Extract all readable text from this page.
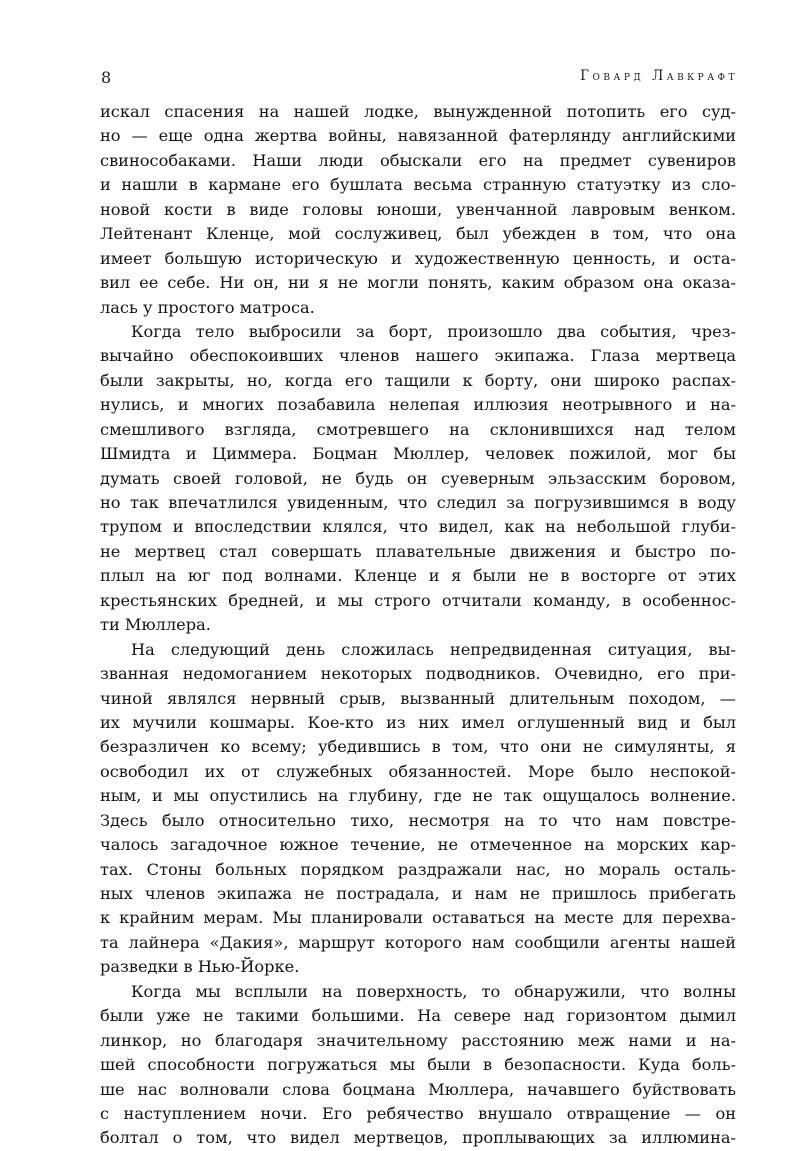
8	Говард Лавкрафт
искал спасения на нашей лодке, вынужденной потопить его суд-
но — еще одна жертва войны, навязанной фатерлянду английскими
свинособаками. Наши люди обыскали его на предмет сувениров
и нашли в кармане его бушлата весьма странную статуэтку из сло-
новой кости в виде головы юноши, увенчанной лавровым венком.
Лейтенант Кленце, мой сослуживец, был убежден в том, что она
имеет большую историческую и художественную ценность, и оста-
вил ее себе. Ни он, ни я не могли понять, каким образом она оказа-
лась у простого матроса.
Когда тело выбросили за борт, произошло два события, чрез-
вычайно обеспокоивших членов нашего экипажа. Глаза мертвеца
были закрыты, но, когда его тащили к борту, они широко распах-
нулись, и многих позабавила нелепая иллюзия неотрывного и на-
смешливого взгляда, смотревшего на склонившихся над телом
Шмидта и Циммера. Боцман Мюллер, человек пожилой, мог бы
думать своей головой, не будь он суеверным эльзасским боровом,
но так впечатлился увиденным, что следил за погрузившимся в воду
трупом и впоследствии клялся, что видел, как на небольшой глуби-
не мертвец стал совершать плавательные движения и быстро по-
плыл на юг под волнами. Кленце и я были не в восторге от этих
крестьянских бредней, и мы строго отчитали команду, в особеннос-
ти Мюллера.
На следующий день сложилась непредвиденная ситуация, вы-
званная недомоганием некоторых подводников. Очевидно, его при-
чиной являлся нервный срыв, вызванный длительным походом, —
их мучили кошмары. Кое-кто из них имел оглушенный вид и был
безразличен ко всему; убедившись в том, что они не симулянты, я
освободил их от служебных обязанностей. Море было неспокой-
ным, и мы опустились на глубину, где не так ощущалось волнение.
Здесь было относительно тихо, несмотря на то что нам повстре-
чалось загадочное южное течение, не отмеченное на морских кар-
тах. Стоны больных порядком раздражали нас, но мораль осталь-
ных членов экипажа не пострадала, и нам не пришлось прибегать
к крайним мерам. Мы планировали оставаться на месте для перехва-
та лайнера «Дакия», маршрут которого нам сообщили агенты нашей
разведки в Нью-Йорке.
Когда мы всплыли на поверхность, то обнаружили, что волны
были уже не такими большими. На севере над горизонтом дымил
линкор, но благодаря значительному расстоянию меж нами и на-
шей способности погружаться мы были в безопасности. Куда боль-
ше нас волновали слова боцмана Мюллера, начавшего буйствовать
с наступлением ночи. Его ребячество внушало отвращение — он
болтал о том, что видел мертвецов, проплывающих за иллюмина-
